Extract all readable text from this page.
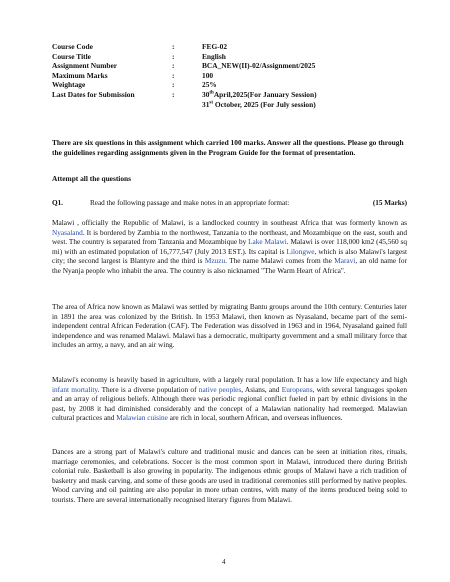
Course Code	:	FEG-02
Course Title	:	English
Assignment Number	:	BCA_NEW(II)-02/Assignment/2025
Maximum Marks	:	100
Weightage	:	25%
Last Dates for Submission	:	30thApril,2025(For January Session)
31st October, 2025 (For July session)
There are six questions in this assignment which carried 100 marks. Answer all the questions. Please go through the guidelines regarding assignments given in the Program Guide for the format of presentation.
Attempt all the questions
Q1.	Read the following passage and make notes in an appropriate format:	(15 Marks)
Malawi , officially the Republic of Malawi, is a landlocked country in southeast Africa that was formerly known as Nyasaland. It is bordered by Zambia to the northwest, Tanzania to the northeast, and Mozambique on the east, south and west. The country is separated from Tanzania and Mozambique by Lake Malawi. Malawi is over 118,000 km2 (45,560 sq mi) with an estimated population of 16,777,547 (July 2013 EST.). Its capital is Lilongwe, which is also Malawi's largest city; the second largest is Blantyre and the third is Mzuzu. The name Malawi comes from the Maravi, an old name for the Nyanja people who inhabit the area. The country is also nicknamed "The Warm Heart of Africa".
The area of Africa now known as Malawi was settled by migrating Bantu groups around the 10th century. Centuries later in 1891 the area was colonized by the British. In 1953 Malawi, then known as Nyasaland, became part of the semi-independent central African Federation (CAF). The Federation was dissolved in 1963 and in 1964, Nyasaland gained full independence and was renamed Malawi. Malawi has a democratic, multiparty government and a small military force that includes an army, a navy, and an air wing.
Malawi's economy is heavily based in agriculture, with a largely rural population. It has a low life expectancy and high infant mortality. There is a diverse population of native peoples, Asians, and Europeans, with several languages spoken and an array of religious beliefs. Although there was periodic regional conflict fueled in part by ethnic divisions in the past, by 2008 it had diminished considerably and the concept of a Malawian nationality had reemerged. Malawian cultural practices and Malawian cuisine are rich in local, southern African, and overseas influences.
Dances are a strong part of Malawi's culture and traditional music and dances can be seen at initiation rites, rituals, marriage ceremonies, and celebrations. Soccer is the most common sport in Malawi, introduced there during British colonial rule. Basketball is also growing in popularity. The indigenous ethnic groups of Malawi have a rich tradition of basketry and mask carving, and some of these goods are used in traditional ceremonies still performed by native peoples. Wood carving and oil painting are also popular in more urban centres, with many of the items produced being sold to tourists. There are several internationally recognised literary figures from Malawi.
4
